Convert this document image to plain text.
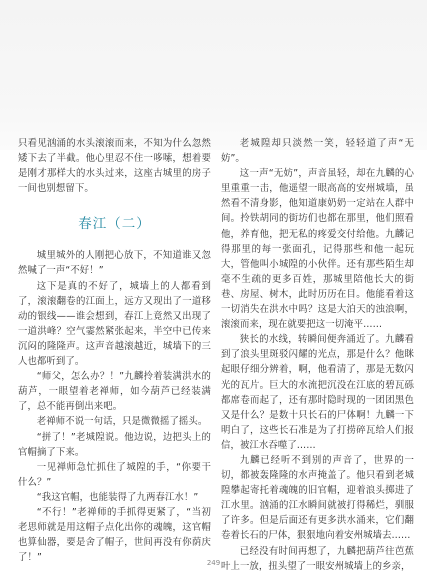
只看见汹涌的水头滚滚而来，不知为什么忽然矮下去了半截。他心里忍不住一哆嗦，想着要是刚才那样大的水头过来，这座古城里的房子一间也别想留下。

春江（二）

城里城外的人刚把心放下，不知道谁又忽然喊了一声“不好！”

这下是真的不好了，城墙上的人都看到了，滚滚翻卷的江面上，远方又现出了一道移动的银线——谁会想到，春江上竟然又出现了一道洪峰？空气霎然紧张起来，半空中已传来沉闷的隆隆声。这声音越滚越近，城墙下的三人也都听到了。

“师父，怎么办？！”九麟拎着装满洪水的葫芦，一眼望着老禅师，如今葫芦已经装满了，总不能再倒出来吧。

老禅师不说一句话，只是微微摇了摇头。

“拼了！”老城隍说。他边说，边把头上的官帽摘了下来。

一见禅师急忙抓住了城隍的手，“你要干什么？”

“我这官帽，也能装得了九两春江水！”

“不行！”老禅师的手抓得更紧了，“当初老思师就是用这帽子点化出你的魂魄，这官帽也算仙器，要是舍了帽子，世间再没有你荫庆了！”

老城隍却只淡然一笑，轻轻道了声“无妨”。

这一声“无妨”，声音虽轻，却在九麟的心里重重一击，他遥望一眼高高的安州城墙，虽然看不清身影，他知道康奶奶一定站在人群中间。拎铁胡同的街坊们也都在那里，他们照看他，养育他，把无私的疼爱交付给他。九麟记得那里的每一张面孔，记得那些和他一起玩大，管他叫小城隍的小伙伴。还有那些陌生却毫不生疏的更多百姓，那城里陪他长大的街巷、房屋、树木，此时历历在目。他能看着这一切消失在洪水中吗？这是大泊天的浊浪啊，滚滚而来，现在就要把这一切淹平……

狭长的水线，转瞬间便奔涌近了。九麟看到了浪头里斑驳闪耀的光点，那是什么？他眯起眼仔细分辨着，啊，他看清了，那是无数闪光的瓦片。巨大的水流把沉没在江底的碧瓦砾都席卷而起了，还有那时隐时现的一团团黑色又是什么？是数十只长石的尸体啊！九麟一下明白了，这些长石准是为了打捞碎瓦给人们报信，被江水吞噬了……

九麟已经听不到别的声音了，世界的一切，都被轰隆隆的水声掩盖了。他只看到老城隍攀起寄托着魂魄的旧官帽，迎着浪头掷进了江水里。汹涌的江水瞬间就被打得稀烂，驯服了许多。但是后面还有更多洪水涌来，它们翻卷着长石的尸体，狠狠地向着安州城墙去……

已经没有时间再想了，九麟把葫芦往芭蕉叶上一放，扭头望了一眼安州城墙上的乡亲，

249
